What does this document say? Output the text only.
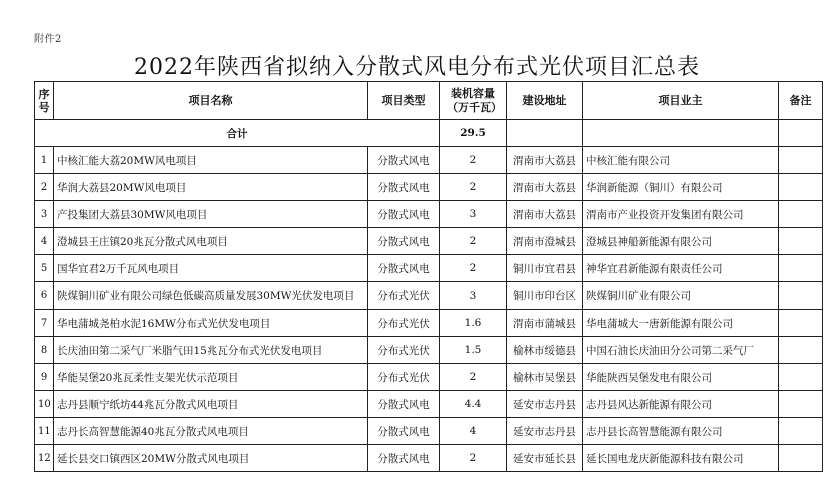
附件2
2022年陕西省拟纳入分散式风电分布式光伏项目汇总表
序号	项目名称	项目类型	装机容量（万千瓦）	建设地址	项目业主	备注
合计			29.5			
1	中核汇能大荔20MW风电项目	分散式风电	2	渭南市大荔县	中核汇能有限公司	
2	华润大荔县20MW风电项目	分散式风电	2	渭南市大荔县	华润新能源（铜川）有限公司	
3	产投集团大荔县30MW风电项目	分散式风电	3	渭南市大荔县	渭南市产业投资开发集团有限公司	
4	澄城县王庄镇20兆瓦分散式风电项目	分散式风电	2	渭南市澄城县	澄城县神船新能源有限公司	
5	国华宜君2万千瓦风电项目	分散式风电	2	铜川市宜君县	神华宜君新能源有限责任公司	
6	陕煤铜川矿业有限公司绿色低碳高质量发展30MW光伏发电项目	分布式光伏	3	铜川市印台区	陕煤铜川矿业有限公司	
7	华电蒲城尧柏水泥16MW分布式光伏发电项目	分布式光伏	1.6	渭南市蒲城县	华电蒲城大一唐新能源有限公司	
8	长庆油田第二采气厂米脂气田15兆瓦分布式光伏发电项目	分布式光伏	1.5	榆林市绥德县	中国石油长庆油田分公司第二采气厂	
9	华能吴堡20兆瓦柔性支架光伏示范项目	分布式光伏	2	榆林市吴堡县	华能陕西吴堡发电有限公司	
10	志丹县顺宁纸坊44兆瓦分散式风电项目	分散式风电	4.4	延安市志丹县	志丹县风达新能源有限公司	
11	志丹长高智慧能源40兆瓦分散式风电项目	分散式风电	4	延安市志丹县	志丹县长高智慧能源有限公司	
12	延长县交口镇西区20MW分散式风电项目	分散式风电	2	延安市延长县	延长国电龙庆新能源科技有限公司	
